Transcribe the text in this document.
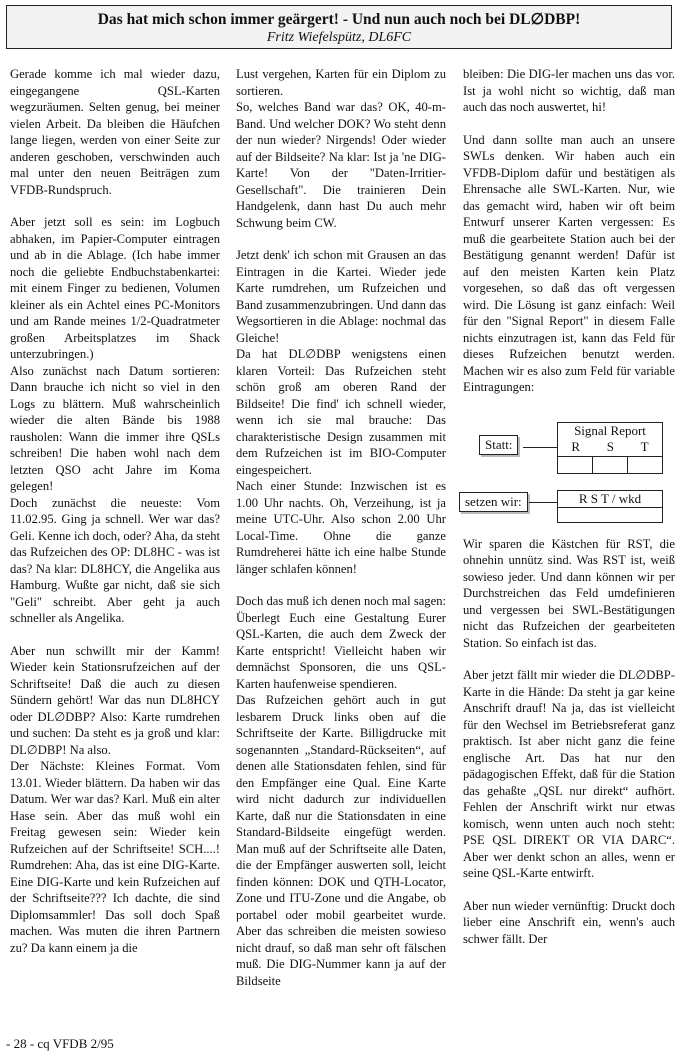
Das hat mich schon immer geärgert! - Und nun auch noch bei DL∅DBP!
Fritz Wiefelspütz, DL6FC

Gerade komme ich mal wieder dazu, eingegangene QSL-Karten wegzuräumen. Selten genug, bei meiner vielen Arbeit. Da bleiben die Häufchen lange liegen, werden von einer Seite zur anderen geschoben, verschwinden auch mal unter den neuen Beiträgen zum VFDB-Rundspruch.

Aber jetzt soll es sein: im Logbuch abhaken, im Papier-Computer eintragen und ab in die Ablage. (Ich habe immer noch die geliebte Endbuchstabenkartei: mit einem Finger zu bedienen, Volumen kleiner als ein Achtel eines PC-Monitors und am Rande meines 1/2-Quadratmeter großen Arbeitsplatzes im Shack unterzubringen.)

Also zunächst nach Datum sortieren: Dann brauche ich nicht so viel in den Logs zu blättern. Muß wahrscheinlich wieder die alten Bände bis 1988 rausholen: Wann die immer ihre QSLs schreiben! Die haben wohl nach dem letzten QSO acht Jahre im Koma gelegen!

Doch zunächst die neueste: Vom 11.02.95. Ging ja schnell. Wer war das? Geli. Kenne ich doch, oder? Aha, da steht das Rufzeichen des OP: DL8HC - was ist das? Na klar: DL8HCY, die Angelika aus Hamburg. Wußte gar nicht, daß sie sich "Geli" schreibt. Aber geht ja auch schneller als Angelika.

Aber nun schwillt mir der Kamm! Wieder kein Stationsrufzeichen auf der Schriftseite! Daß die auch zu diesen Sündern gehört! War das nun DL8HCY oder DL∅DBP? Also: Karte rumdrehen und suchen: Da steht es ja groß und klar: DL∅DBP! Na also.

Der Nächste: Kleines Format. Vom 13.01. Wieder blättern. Da haben wir das Datum. Wer war das? Karl. Muß ein alter Hase sein. Aber das muß wohl ein Freitag gewesen sein: Wieder kein Rufzeichen auf der Schriftseite! SCH....! Rumdrehen: Aha, das ist eine DIG-Karte. Eine DIG-Karte und kein Rufzeichen auf der Schriftseite??? Ich dachte, die sind Diplomsammler! Das soll doch Spaß machen. Was muten die ihren Partnern zu? Da kann einem ja die

Lust vergehen, Karten für ein Diplom zu sortieren.

So, welches Band war das? OK, 40-m-Band. Und welcher DOK? Wo steht denn der nun wieder? Nirgends! Oder wieder auf der Bildseite? Na klar: Ist ja 'ne DIG-Karte! Von der "Daten-Irritier-Gesellschaft". Die trainieren Dein Handgelenk, dann hast Du auch mehr Schwung beim CW.

Jetzt denk' ich schon mit Grausen an das Eintragen in die Kartei. Wieder jede Karte rumdrehen, um Rufzeichen und Band zusammenzubringen. Und dann das Wegsortieren in die Ablage: nochmal das Gleiche!

Da hat DL∅DBP wenigstens einen klaren Vorteil: Das Rufzeichen steht schön groß am oberen Rand der Bildseite! Die find' ich schnell wieder, wenn ich sie mal brauche: Das charakteristische Design zusammen mit dem Rufzeichen ist im BIO-Computer eingespeichert.

Nach einer Stunde: Inzwischen ist es 1.00 Uhr nachts. Oh, Verzeihung, ist ja meine UTC-Uhr. Also schon 2.00 Uhr Local-Time. Ohne die ganze Rumdreherei hätte ich eine halbe Stunde länger schlafen können!

Doch das muß ich denen noch mal sagen: Überlegt Euch eine Gestaltung Eurer QSL-Karten, die auch dem Zweck der Karte entspricht! Vielleicht haben wir demnächst Sponsoren, die uns QSL-Karten haufenweise spendieren.

Das Rufzeichen gehört auch in gut lesbarem Druck links oben auf die Schriftseite der Karte. Billigdrucke mit sogenannten „Standard-Rückseiten“, auf denen alle Stationsdaten fehlen, sind für den Empfänger eine Qual. Eine Karte wird nicht dadurch zur individuellen Karte, daß nur die Stationsdaten in eine Standard-Bildseite eingefügt werden. Man muß auf der Schriftseite alle Daten, die der Empfänger auswerten soll, leicht finden können: DOK und QTH-Locator, Zone und ITU-Zone und die Angabe, ob portabel oder mobil gearbeitet wurde. Aber das schreiben die meisten sowieso nicht drauf, so daß man sehr oft fälschen muß. Die DIG-Nummer kann ja auf der Bildseite

bleiben: Die DIG-ler machen uns das vor. Ist ja wohl nicht so wichtig, daß man auch das noch auswertet, hi!

Und dann sollte man auch an unsere SWLs denken. Wir haben auch ein VFDB-Diplom dafür und bestätigen als Ehrensache alle SWL-Karten. Nur, wie das gemacht wird, haben wir oft beim Entwurf unserer Karten vergessen: Es muß die gearbeitete Station auch bei der Bestätigung genannt werden! Dafür ist auf den meisten Karten kein Platz vorgesehen, so daß das oft vergessen wird. Die Lösung ist ganz einfach: Weil für den "Signal Report" in diesem Falle nichts einzutragen ist, kann das Feld für dieses Rufzeichen benutzt werden. Machen wir es also zum Feld für variable Eintragungen:

Statt:
Signal Report
R S T
setzen wir:	R S T / wkd

Wir sparen die Kästchen für RST, die ohnehin unnütz sind. Was RST ist, weiß sowieso jeder. Und dann können wir per Durchstreichen das Feld umdefinieren und vergessen bei SWL-Bestätigungen nicht das Rufzeichen der gearbeiteten Station. So einfach ist das.

Aber jetzt fällt mir wieder die DL∅DBP-Karte in die Hände: Da steht ja gar keine Anschrift drauf! Na ja, das ist vielleicht für den Wechsel im Betriebsreferat ganz praktisch. Ist aber nicht ganz die feine englische Art. Das hat nur den pädagogischen Effekt, daß für die Station das gehaßte „QSL nur direkt“ aufhört. Fehlen der Anschrift wirkt nur etwas komisch, wenn unten auch noch steht: PSE QSL DIREKT OR VIA DARC“. Aber wer denkt schon an alles, wenn er seine QSL-Karte entwirft.

Aber nun wieder vernünftig: Druckt doch lieber eine Anschrift ein, wenn's auch schwer fällt. Der

- 28 - cq VFDB 2/95
